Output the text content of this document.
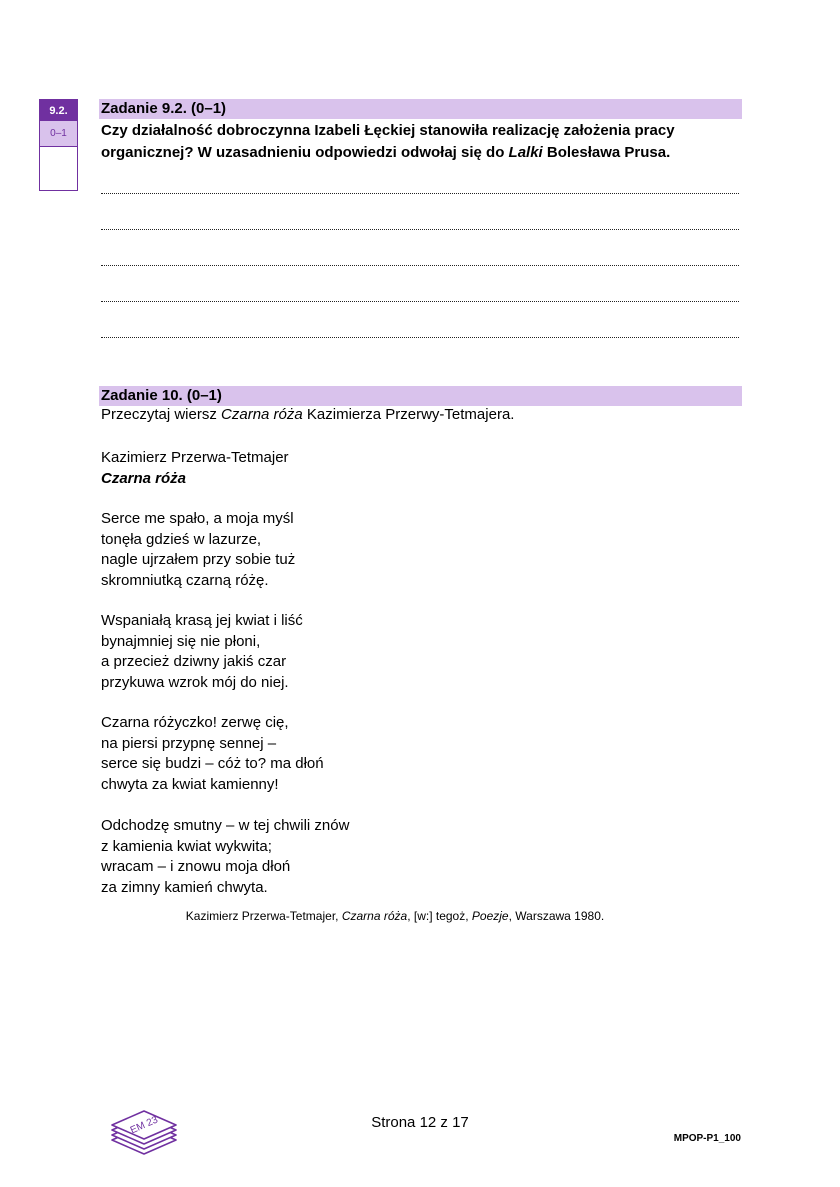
9.2.
0–1
Zadanie 9.2. (0–1)
Czy działalność dobroczynna Izabeli Łęckiej stanowiła realizację założenia pracy organicznej? W uzasadnieniu odpowiedzi odwołaj się do Lalki Bolesława Prusa.
Zadanie 10. (0–1)
Przeczytaj wiersz Czarna róża Kazimierza Przerwy-Tetmajera.
Kazimierz Przerwa-Tetmajer
Czarna róża
Serce me spało, a moja myśl
tonęła gdzieś w lazurze,
nagle ujrzałem przy sobie tuż
skromniutką czarną różę.
Wspaniałą krasą jej kwiat i liść
bynajmniej się nie płoni,
a przecież dziwny jakiś czar
przykuwa wzrok mój do niej.
Czarna różyczko! zerwę cię,
na piersi przypnę sennej –
serce się budzi – cóż to? ma dłoń
chwyta za kwiat kamienny!
Odchodzę smutny – w tej chwili znów
z kamienia kwiat wykwita;
wracam – i znowu moja dłoń
za zimny kamień chwyta.
Kazimierz Przerwa-Tetmajer, Czarna róża, [w:] tegoż, Poezje, Warszawa 1980.
EM 23	Strona 12 z 17
MPOP-P1_100
